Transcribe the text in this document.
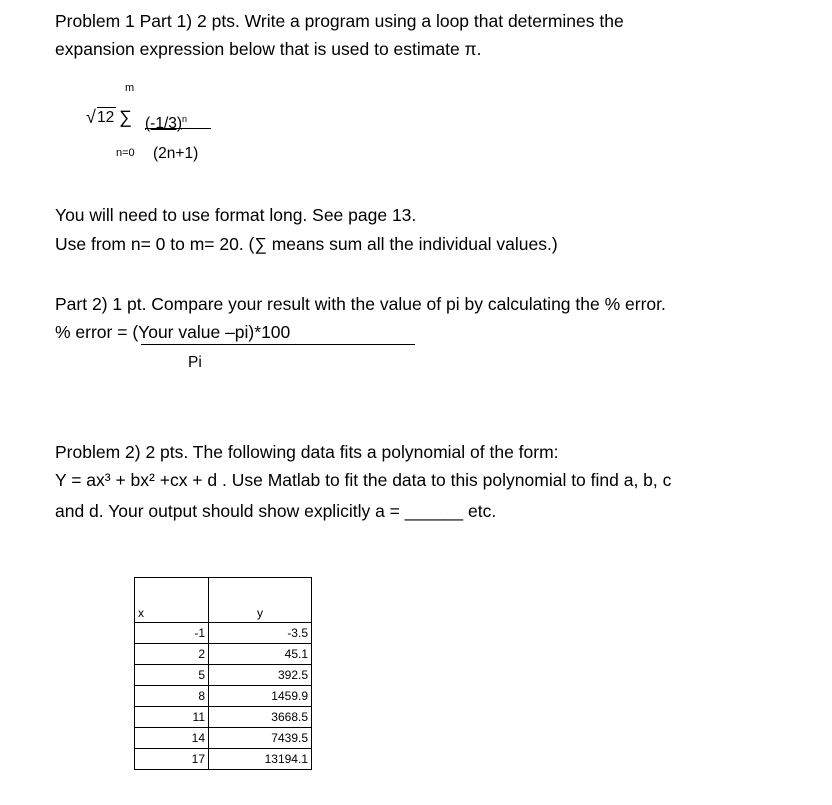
Problem 1 Part 1) 2 pts. Write a program using a loop that determines the
expansion expression below that is used to estimate π.
m
√ 12 ∑ $(-1/3)^n$
n=0 (2n+1)
You will need to use format long. See page 13.
Use from n= 0 to m= 20. (∑ means sum all the individual values.)
Part 2) 1 pt. Compare your result with the value of pi by calculating the % error.
% error = (Your value –pi)*100
Pi
Problem 2) 2 pts. The following data fits a polynomial of the form:
Y = ax³ + bx² +cx + d . Use Matlab to fit the data to this polynomial to find a, b, c
and d. Your output should show explicitly a = ______ etc.
x	y
-1	-3.5
2	45.1
5	392.5
8	1459.9
11	3668.5
14	7439.5
17	13194.1
